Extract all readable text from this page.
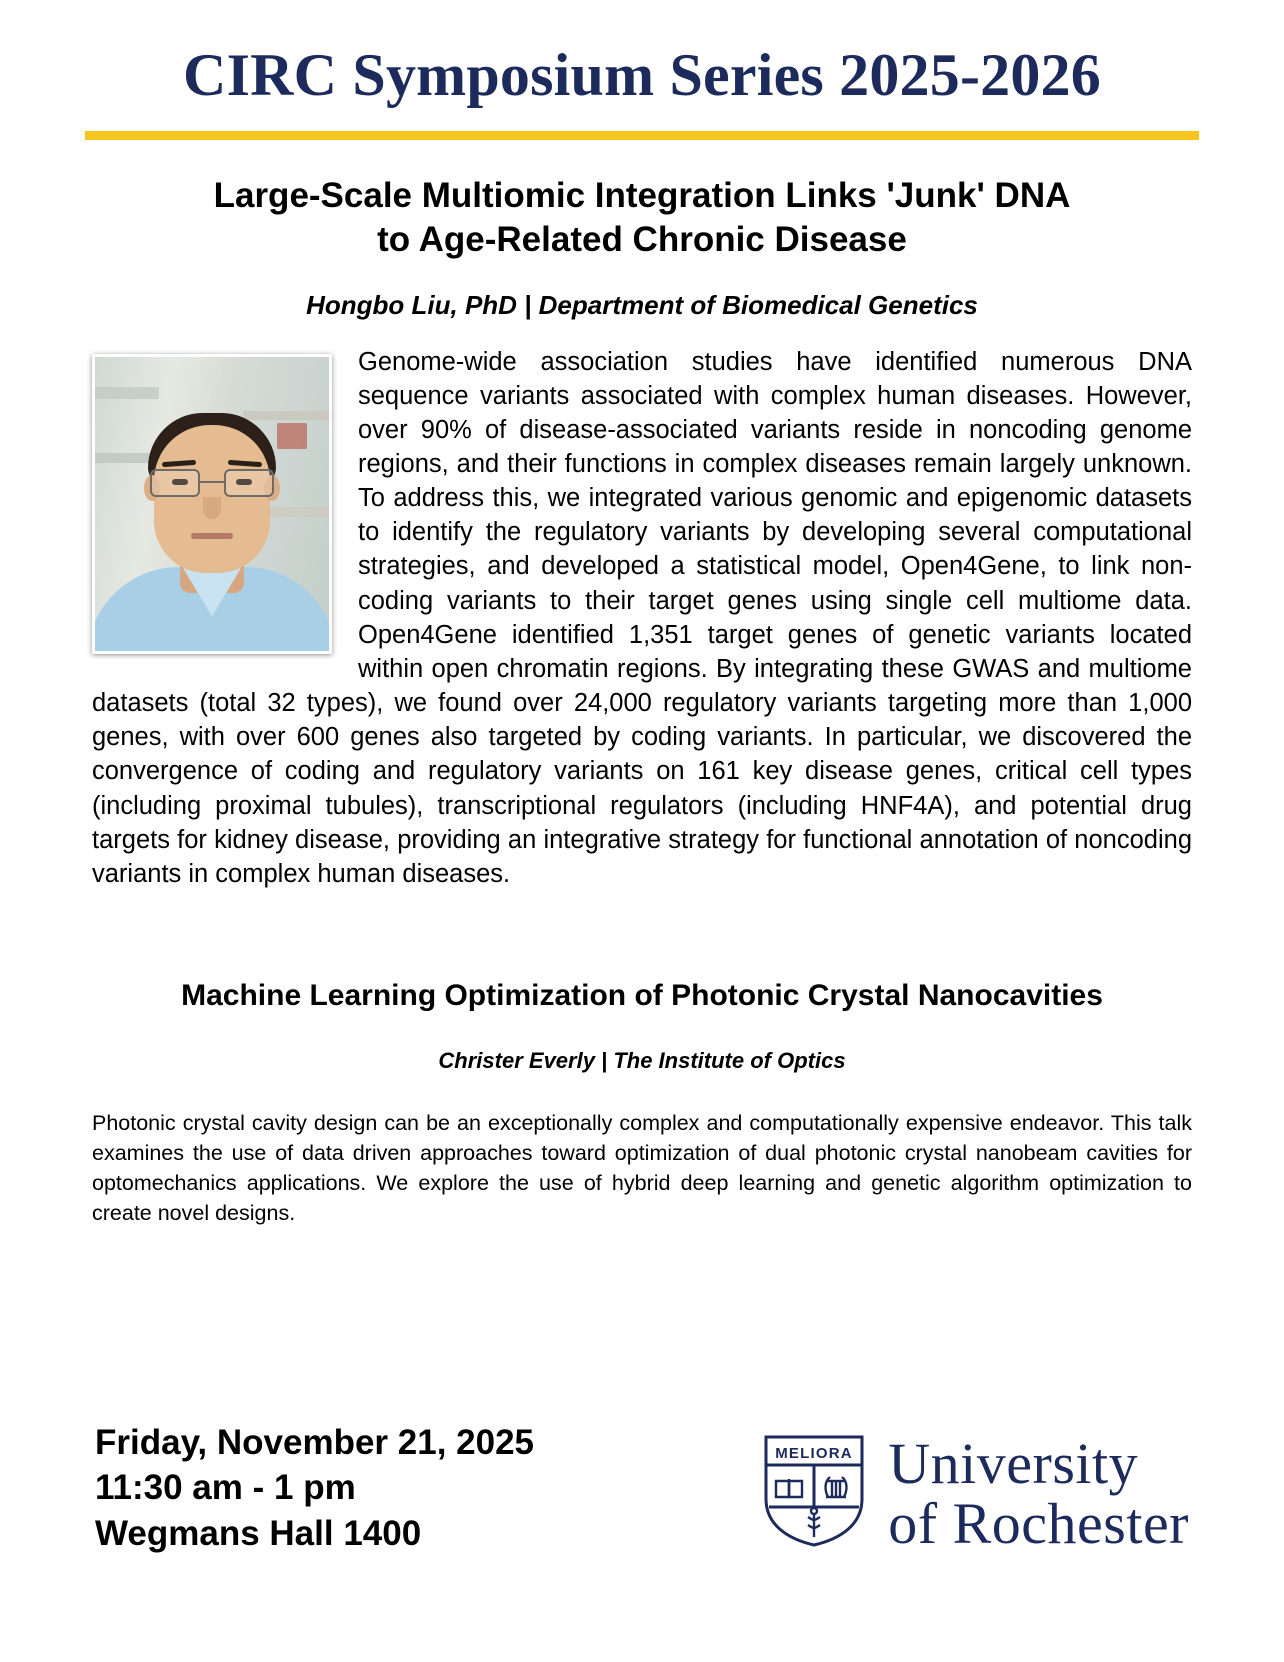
CIRC Symposium Series 2025-2026
Large-Scale Multiomic Integration Links 'Junk' DNA
to Age-Related Chronic Disease
Hongbo Liu, PhD | Department of Biomedical Genetics

Genome-wide association studies have identified numerous DNA sequence variants associated with complex human diseases. However, over 90% of disease-associated variants reside in noncoding genome regions, and their functions in complex diseases remain largely unknown. To address this, we integrated various genomic and epigenomic datasets to identify the regulatory variants by developing several computational strategies, and developed a statistical model, Open4Gene, to link non-coding variants to their target genes using single cell multiome data. Open4Gene identified 1,351 target genes of genetic variants located within open chromatin regions. By integrating these GWAS and multiome datasets (total 32 types), we found over 24,000 regulatory variants targeting more than 1,000 genes, with over 600 genes also targeted by coding variants. In particular, we discovered the convergence of coding and regulatory variants on 161 key disease genes, critical cell types (including proximal tubules), transcriptional regulators (including HNF4A), and potential drug targets for kidney disease, providing an integrative strategy for functional annotation of noncoding variants in complex human diseases.

Machine Learning Optimization of Photonic Crystal Nanocavities
Christer Everly | The Institute of Optics

Photonic crystal cavity design can be an exceptionally complex and computationally expensive endeavor. This talk examines the use of data driven approaches toward optimization of dual photonic crystal nanobeam cavities for optomechanics applications. We explore the use of hybrid deep learning and genetic algorithm optimization to create novel designs.

Friday, November 21, 2025
11:30 am - 1 pm
Wegmans Hall 1400
MELIORA University
of Rochester
